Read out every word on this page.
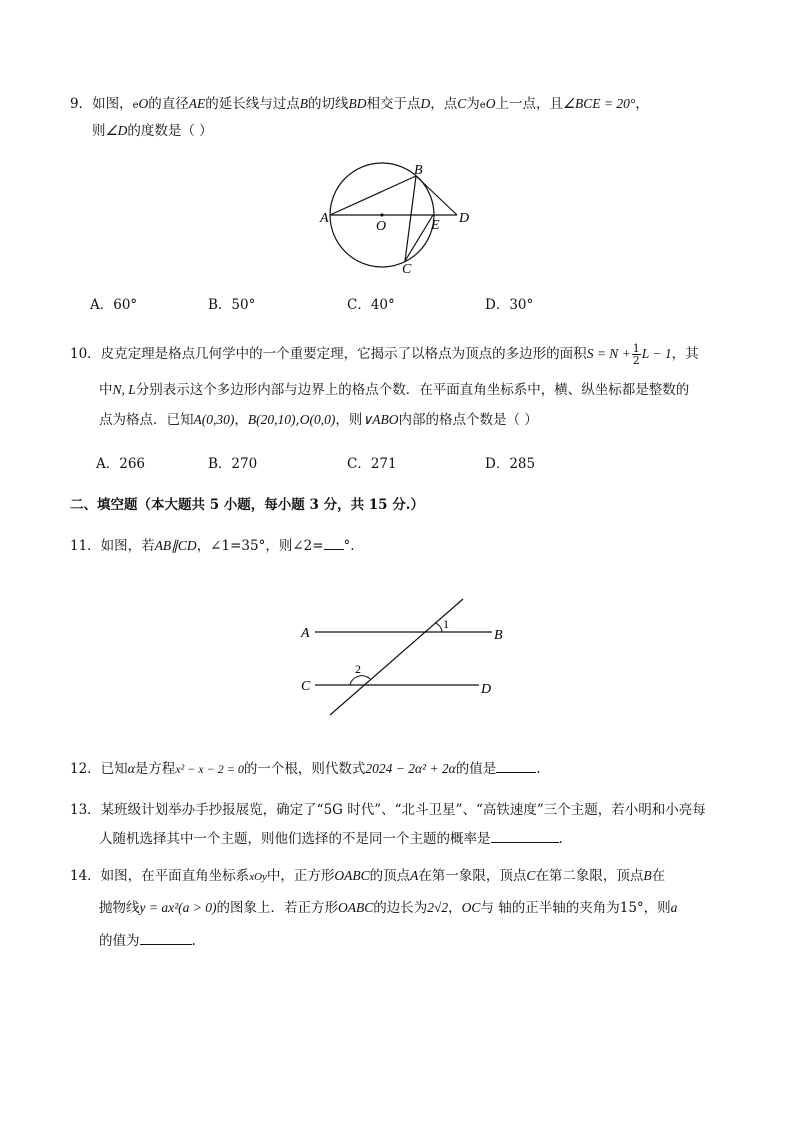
9．如图，eO的直径AE的延长线与过点B的切线BD相交于点D，点C为eO上一点，且∠BCE = 20°，
则∠D的度数是（ ）
A
O	E D
B
C
A．60°	B．50°	C．40°	D．30°
10．皮克定理是格点几何学中的一个重要定理，它揭示了以格点为顶点的多边形的面积$S = N + \frac{1}{2}$ L − 1，其
中N, L分别表示这个多边形内部与边界上的格点个数．在平面直角坐标系中，横、纵坐标都是整数的
点为格点．已知A(0,30)，B(20,10),O(0,0)，则∨ABO内部的格点个数是（ ）
A．266	B．270	C．271	D．285
二、填空题（本大题共 5 小题，每小题 3 分，共 15 分.）
11．如图，若AB∥CD，∠1=35°，则∠2= °.
A	B
C	D
1
2
12．已知α是方程x² − x − 2 = 0的一个根，则代数式2024 − 2α² + 2α的值是	.
13．某班级计划举办手抄报展览，确定了“5G 时代”、“北斗卫星”、“高铁速度”三个主题，若小明和小亮每
人随机选择其中一个主题，则他们选择的不是同一个主题的概率是	.
14．如图，在平面直角坐标系xOy中，正方形OABC的顶点A在第一象限，顶点C在第二象限，顶点B在
抛物线y = ax²(a > 0)的图象上．若正方形OABC的边长为2√2，OC与 轴的正半轴的夹角为15°，则a
的值为	.
